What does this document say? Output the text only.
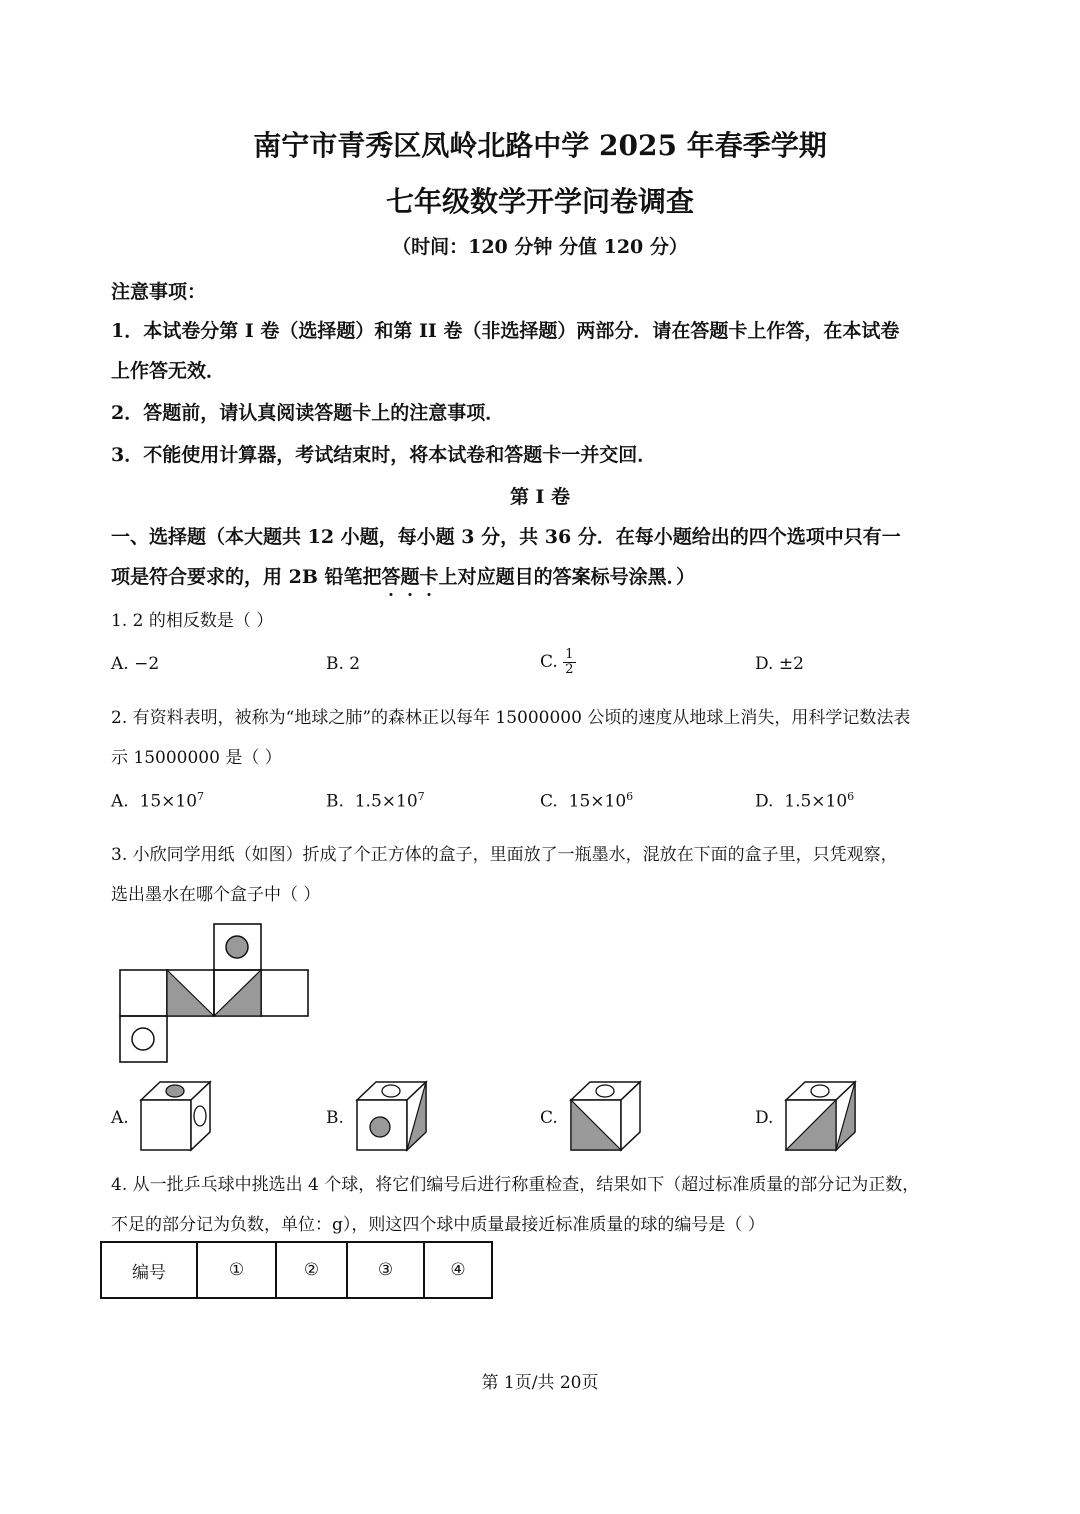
南宁市青秀区凤岭北路中学 2025 年春季学期
七年级数学开学问卷调查
（时间：120 分钟 分值 120 分）
注意事项：
1．本试卷分第 I 卷（选择题）和第 II 卷（非选择题）两部分．请在答题卡上作答，在本试卷
上作答无效．
2．答题前，请认真阅读答题卡上的注意事项．
3．不能使用计算器，考试结束时，将本试卷和答题卡一并交回．
第 I 卷
一、选择题（本大题共 12 小题，每小题 3 分，共 36 分．在每小题给出的四个选项中只有一
项是符合要求的，用 2B 铅笔把答题卡上对应题目的答案标号涂黑．）
1. 2 的相反数是（ ）
A. −2	B. 2	C. $\frac{1}{2}$	D. ±2
2. 有资料表明，被称为“地球之肺”的森林正以每年 15000000 公顷的速度从地球上消失，用科学记数法表
示 15000000 是（ ）
A. $15\times 10^7$	B. $1.5\times 10^7$	C. $15\times 10^6$	D. $1.5\times 10^6$
3. 小欣同学用纸（如图）折成了个正方体的盒子，里面放了一瓶墨水，混放在下面的盒子里，只凭观察，
选出墨水在哪个盒子中（ ）
A.	B.	C.	D.
4. 从一批乒乓球中挑选出 4 个球，将它们编号后进行称重检查，结果如下（超过标准质量的部分记为正数，
不足的部分记为负数，单位：g），则这四个球中质量最接近标准质量的球的编号是（ ）
编号	①	②	③	④
第 1页/共 20页
